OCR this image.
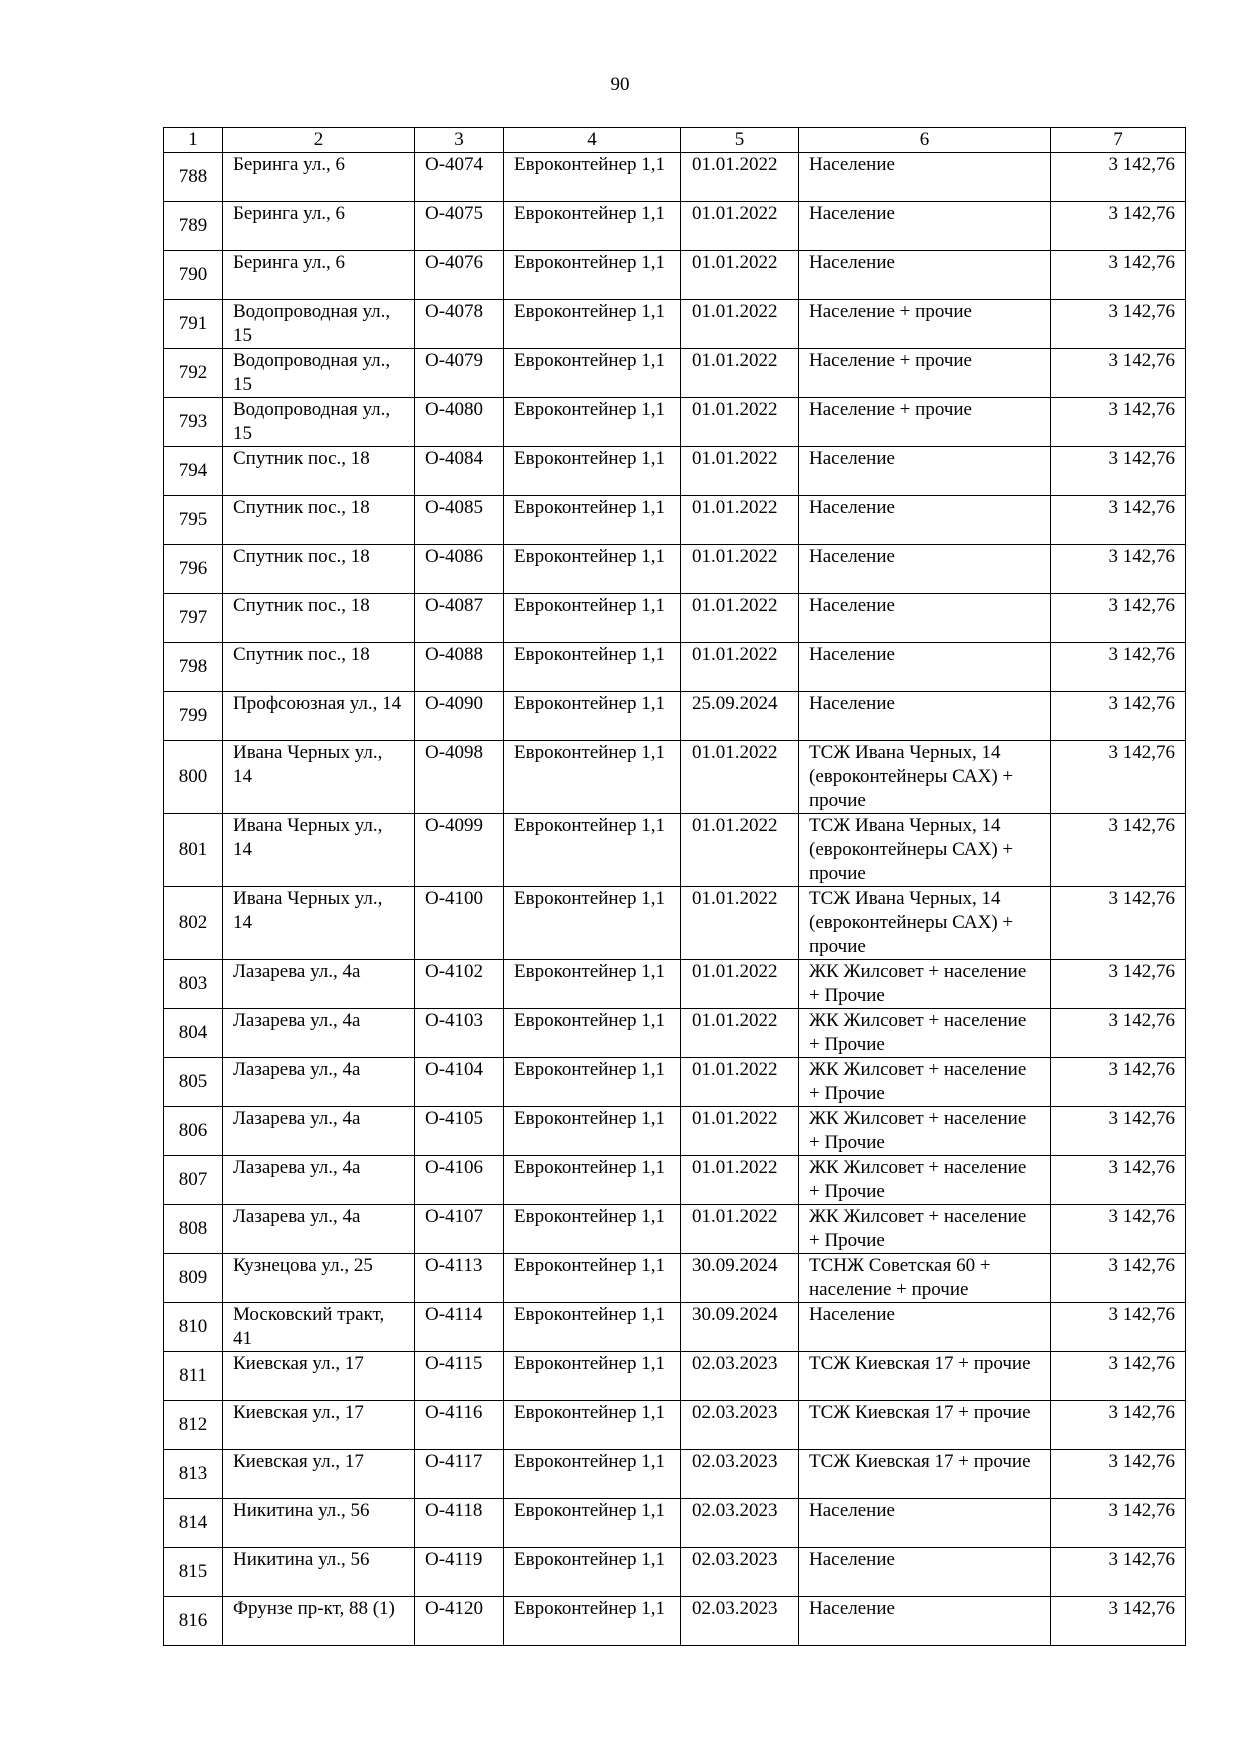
90
1	2	3	4	5	6	7
788	Беринга ул., 6	О-4074	Евроконтейнер 1,1	01.01.2022	Население	3 142,76
789	Беринга ул., 6	О-4075	Евроконтейнер 1,1	01.01.2022	Население	3 142,76
790	Беринга ул., 6	О-4076	Евроконтейнер 1,1	01.01.2022	Население	3 142,76
791	Водопроводная ул., 15	О-4078	Евроконтейнер 1,1	01.01.2022	Население + прочие	3 142,76
792	Водопроводная ул., 15	О-4079	Евроконтейнер 1,1	01.01.2022	Население + прочие	3 142,76
793	Водопроводная ул., 15	О-4080	Евроконтейнер 1,1	01.01.2022	Население + прочие	3 142,76
794	Спутник пос., 18	О-4084	Евроконтейнер 1,1	01.01.2022	Население	3 142,76
795	Спутник пос., 18	О-4085	Евроконтейнер 1,1	01.01.2022	Население	3 142,76
796	Спутник пос., 18	О-4086	Евроконтейнер 1,1	01.01.2022	Население	3 142,76
797	Спутник пос., 18	О-4087	Евроконтейнер 1,1	01.01.2022	Население	3 142,76
798	Спутник пос., 18	О-4088	Евроконтейнер 1,1	01.01.2022	Население	3 142,76
799	Профсоюзная ул., 14	О-4090	Евроконтейнер 1,1	25.09.2024	Население	3 142,76
800	Ивана Черных ул., 14	О-4098	Евроконтейнер 1,1	01.01.2022	ТСЖ Ивана Черных, 14 (евроконтейнеры САХ) + прочие	3 142,76
801	Ивана Черных ул., 14	О-4099	Евроконтейнер 1,1	01.01.2022	ТСЖ Ивана Черных, 14 (евроконтейнеры САХ) + прочие	3 142,76
802	Ивана Черных ул., 14	О-4100	Евроконтейнер 1,1	01.01.2022	ТСЖ Ивана Черных, 14 (евроконтейнеры САХ) + прочие	3 142,76
803	Лазарева ул., 4а	О-4102	Евроконтейнер 1,1	01.01.2022	ЖК Жилсовет + население + Прочие	3 142,76
804	Лазарева ул., 4а	О-4103	Евроконтейнер 1,1	01.01.2022	ЖК Жилсовет + население + Прочие	3 142,76
805	Лазарева ул., 4а	О-4104	Евроконтейнер 1,1	01.01.2022	ЖК Жилсовет + население + Прочие	3 142,76
806	Лазарева ул., 4а	О-4105	Евроконтейнер 1,1	01.01.2022	ЖК Жилсовет + население + Прочие	3 142,76
807	Лазарева ул., 4а	О-4106	Евроконтейнер 1,1	01.01.2022	ЖК Жилсовет + население + Прочие	3 142,76
808	Лазарева ул., 4а	О-4107	Евроконтейнер 1,1	01.01.2022	ЖК Жилсовет + население + Прочие	3 142,76
809	Кузнецова ул., 25	О-4113	Евроконтейнер 1,1	30.09.2024	ТСНЖ Советская 60 + население + прочие	3 142,76
810	Московский тракт, 41	О-4114	Евроконтейнер 1,1	30.09.2024	Население	3 142,76
811	Киевская ул., 17	О-4115	Евроконтейнер 1,1	02.03.2023	ТСЖ Киевская 17 + прочие	3 142,76
812	Киевская ул., 17	О-4116	Евроконтейнер 1,1	02.03.2023	ТСЖ Киевская 17 + прочие	3 142,76
813	Киевская ул., 17	О-4117	Евроконтейнер 1,1	02.03.2023	ТСЖ Киевская 17 + прочие	3 142,76
814	Никитина ул., 56	О-4118	Евроконтейнер 1,1	02.03.2023	Население	3 142,76
815	Никитина ул., 56	О-4119	Евроконтейнер 1,1	02.03.2023	Население	3 142,76
816	Фрунзе пр-кт, 88 (1)	О-4120	Евроконтейнер 1,1	02.03.2023	Население	3 142,76
